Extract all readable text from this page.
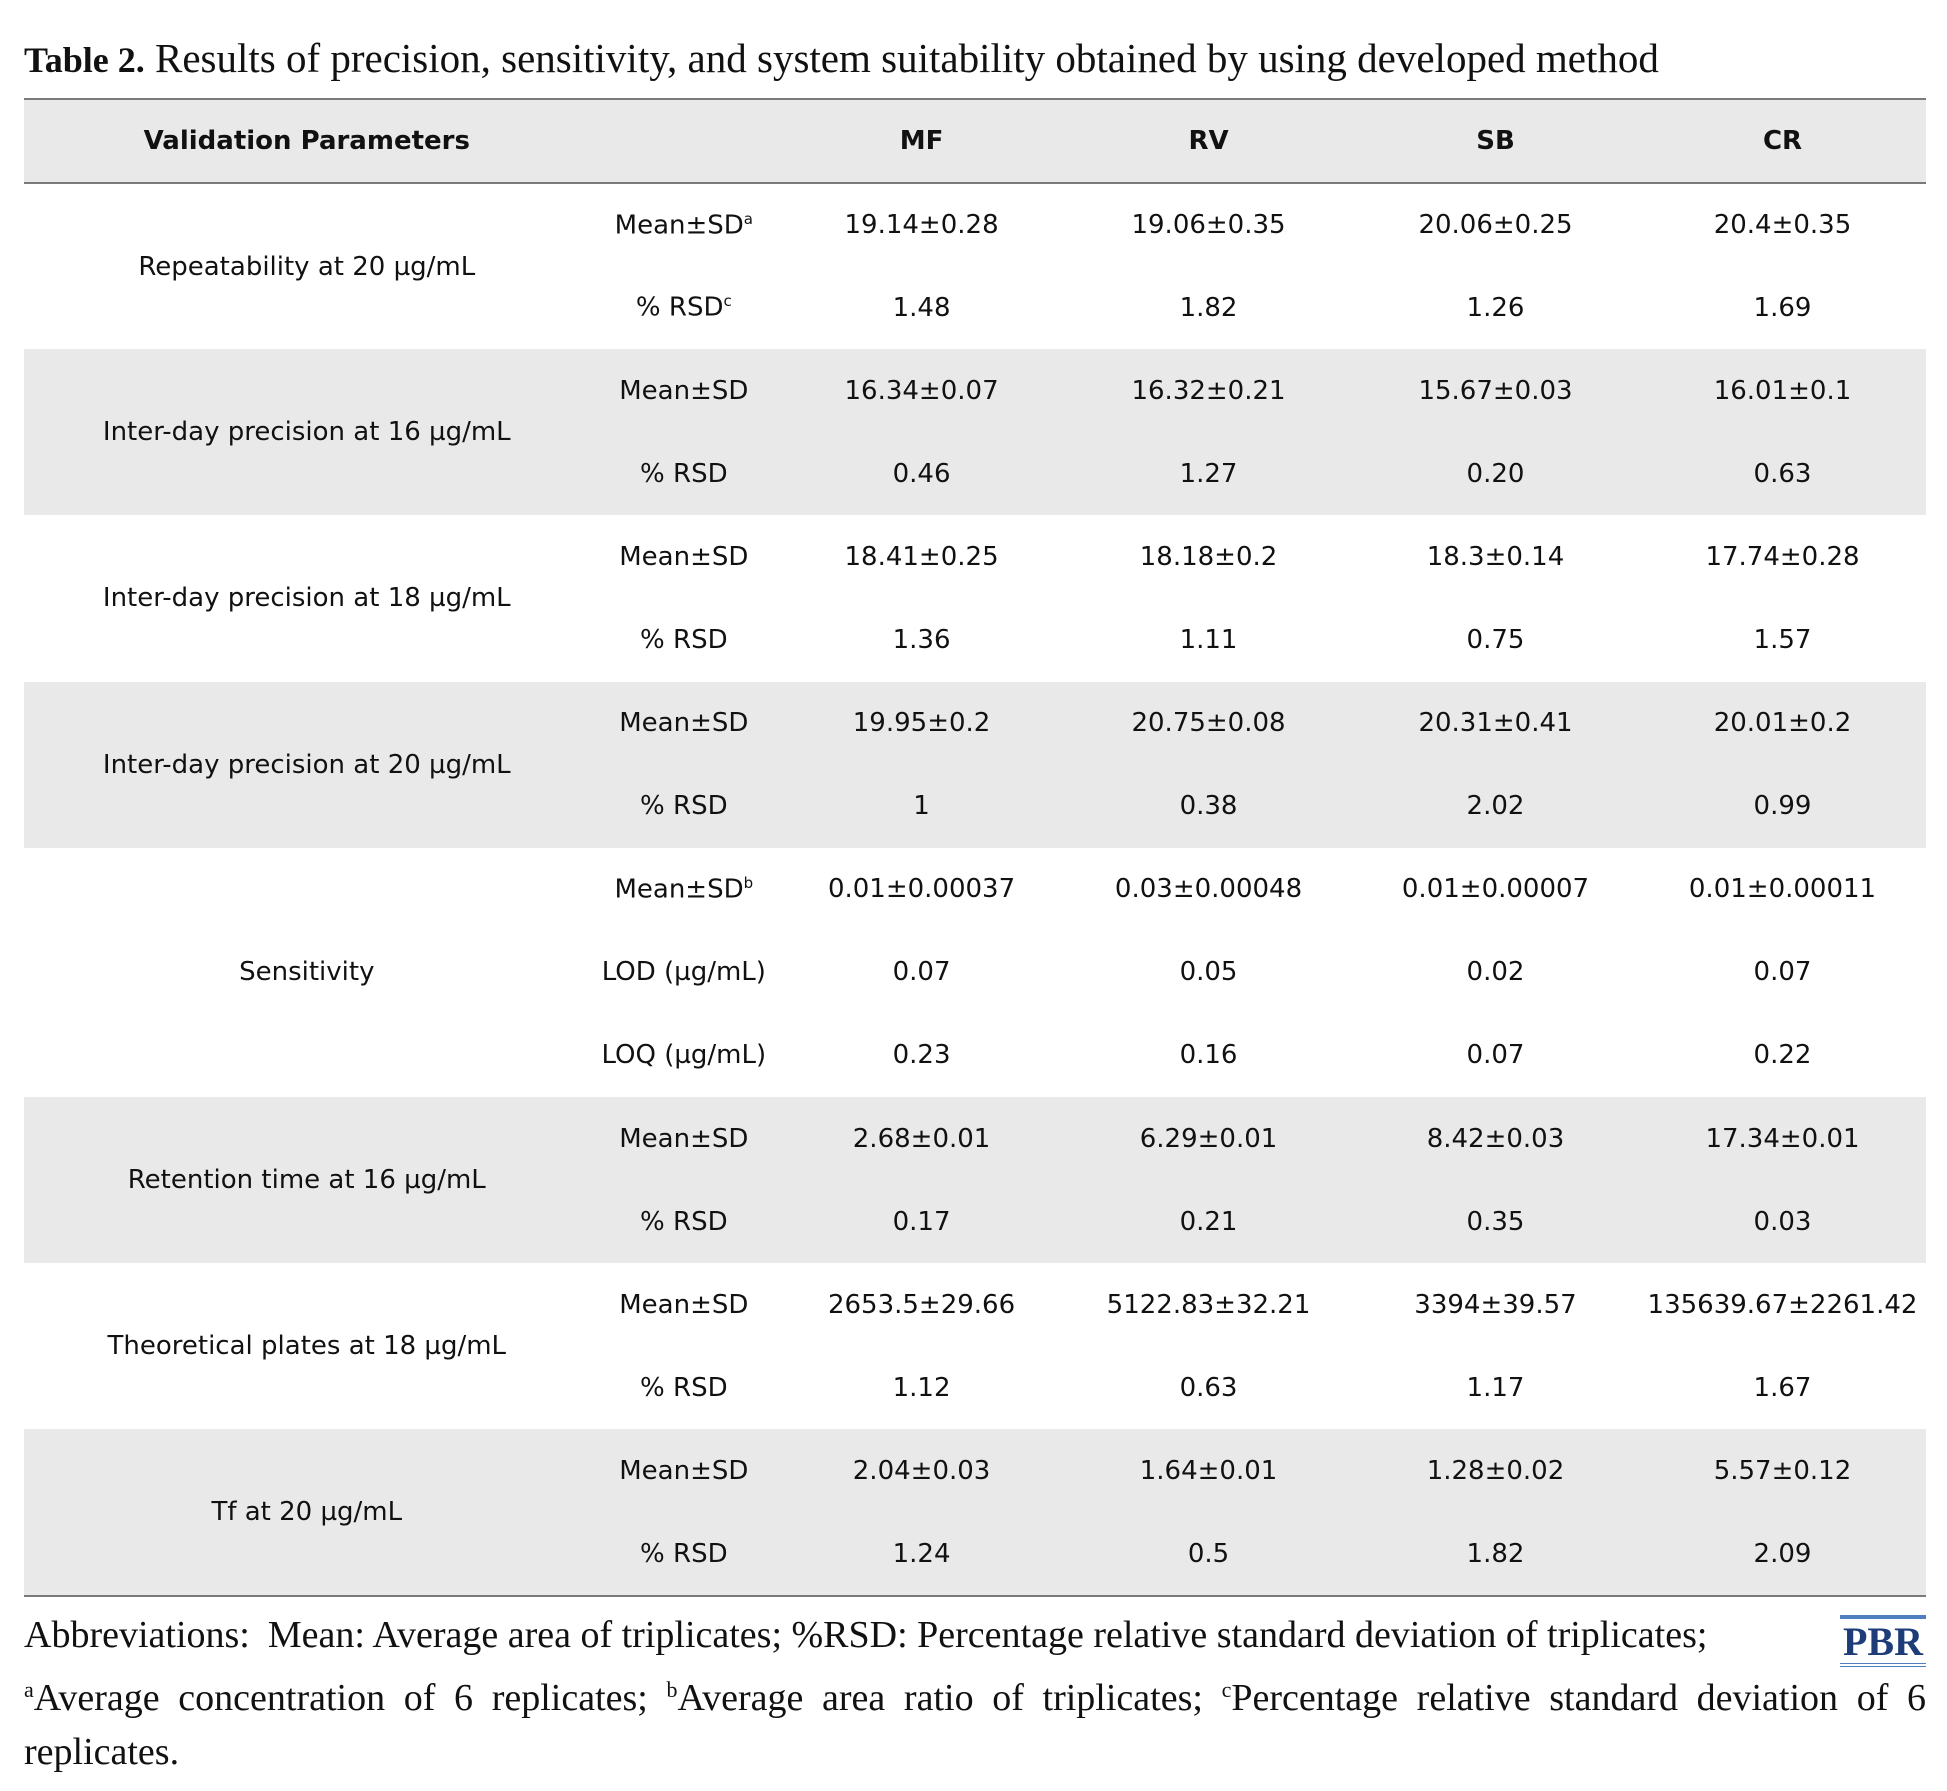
Table 2. Results of precision, sensitivity, and system suitability obtained by using developed method
Validation Parameters		MF	RV	SB	CR
Repeatability at 20 µg/mL	$Mean\pm SD^a$	19.14±0.28	19.06±0.35	20.06±0.25	20.4±0.35
	% RSD$^c$	1.48	1.82	1.26	1.69
Inter-day precision at 16 µg/mL	Mean±SD	16.34±0.07	16.32±0.21	15.67±0.03	16.01±0.1
	% RSD	0.46	1.27	0.20	0.63
Inter-day precision at 18 µg/mL	Mean±SD	18.41±0.25	18.18±0.2	18.3±0.14	17.74±0.28
	% RSD	1.36	1.11	0.75	1.57
Inter-day precision at 20 µg/mL	Mean±SD	19.95±0.2	20.75±0.08	20.31±0.41	20.01±0.2
	% RSD	1	0.38	2.02	0.99
Sensitivity	$Mean\pm SD^b$	0.01±0.00037	0.03±0.00048	0.01±0.00007	0.01±0.00011
	LOD (µg/mL)	0.07	0.05	0.02	0.07
	LOQ (µg/mL)	0.23	0.16	0.07	0.22
Retention time at 16 µg/mL	Mean±SD	2.68±0.01	6.29±0.01	8.42±0.03	17.34±0.01
	% RSD	0.17	0.21	0.35	0.03
Theoretical plates at 18 µg/mL	Mean±SD	2653.5±29.66	5122.83±32.21	3394±39.57	135639.67±2261.42
	% RSD	1.12	0.63	1.17	1.67
Tf at 20 µg/mL	Mean±SD	2.04±0.03	1.64±0.01	1.28±0.02	5.57±0.12
	% RSD	1.24	0.5	1.82	2.09
Abbreviations: Mean: Average area of triplicates; %RSD: Percentage relative standard deviation of triplicates;	PBR
$^a$Average concentration of 6 replicates; $^b$Average area ratio of triplicates; $^c$Percentage relative standard deviation of 6 replicates.
